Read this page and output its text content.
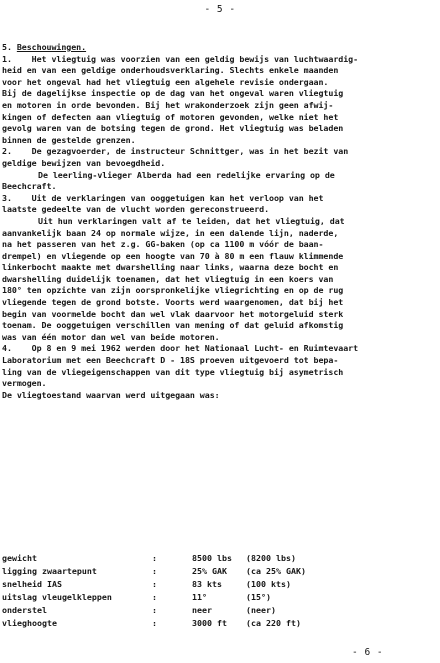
- 5 -
5. Beschouwingen.
1.    Het vliegtuig was voorzien van een geldig bewijs van luchtwaardig-
heid en van een geldige onderhoudsverklaring. Slechts enkele maanden
voor het ongeval had het vliegtuig een algehele revisie ondergaan.
Bij de dagelijkse inspectie op de dag van het ongeval waren vliegtuig
en motoren in orde bevonden. Bij het wrakonderzoek zijn geen afwij-
kingen of defecten aan vliegtuig of motoren gevonden, welke niet het
gevolg waren van de botsing tegen de grond. Het vliegtuig was beladen
binnen de gestelde grenzen.
2.    De gezagvoerder, de instructeur Schnittger, was in het bezit van
geldige bewijzen van bevoegdheid.
De leerling-vlieger Alberda had een redelijke ervaring op de
Beechcraft.
3.    Uit de verklaringen van ooggetuigen kan het verloop van het
laatste gedeelte van de vlucht worden gereconstrueerd.
Uit hun verklaringen valt af te leiden, dat het vliegtuig, dat
aanvankelijk baan 24 op normale wijze, in een dalende lijn, naderde,
na het passeren van het z.g. GG-baken (op ca 1100 m vóór de baan-
drempel) en vliegende op een hoogte van 70 à 80 m een flauw klimmende
linkerbocht maakte met dwarshelling naar links, waarna deze bocht en
dwarshelling duidelijk toenamen, dat het vliegtuig in een koers van
180° ten opzichte van zijn oorspronkelijke vliegrichting en op de rug
vliegende tegen de grond botste. Voorts werd waargenomen, dat bij het
begin van voormelde bocht dan wel vlak daarvoor het motorgeluid sterk
toenam. De ooggetuigen verschillen van mening of dat geluid afkomstig
was van één motor dan wel van beide motoren.
4.    Op 8 en 9 mei 1962 werden door het Nationaal Lucht- en Ruimtevaart
Laboratorium met een Beechcraft D - 18S proeven uitgevoerd tot bepa-
ling van de vliegeigenschappen van dit type vliegtuig bij asymetrisch
vermogen.
De vliegtoestand waarvan werd uitgegaan was:
gewicht	:	8500 lbs	(8200 lbs)
ligging zwaartepunt	:	25% GAK	(ca 25% GAK)
snelheid IAS	:	83 kts	(100 kts)
uitslag vleugelkleppen	:	11°	(15°)
onderstel	:	neer	(neer)
vlieghoogte	:	3000 ft	(ca 220 ft)
- 6 -
